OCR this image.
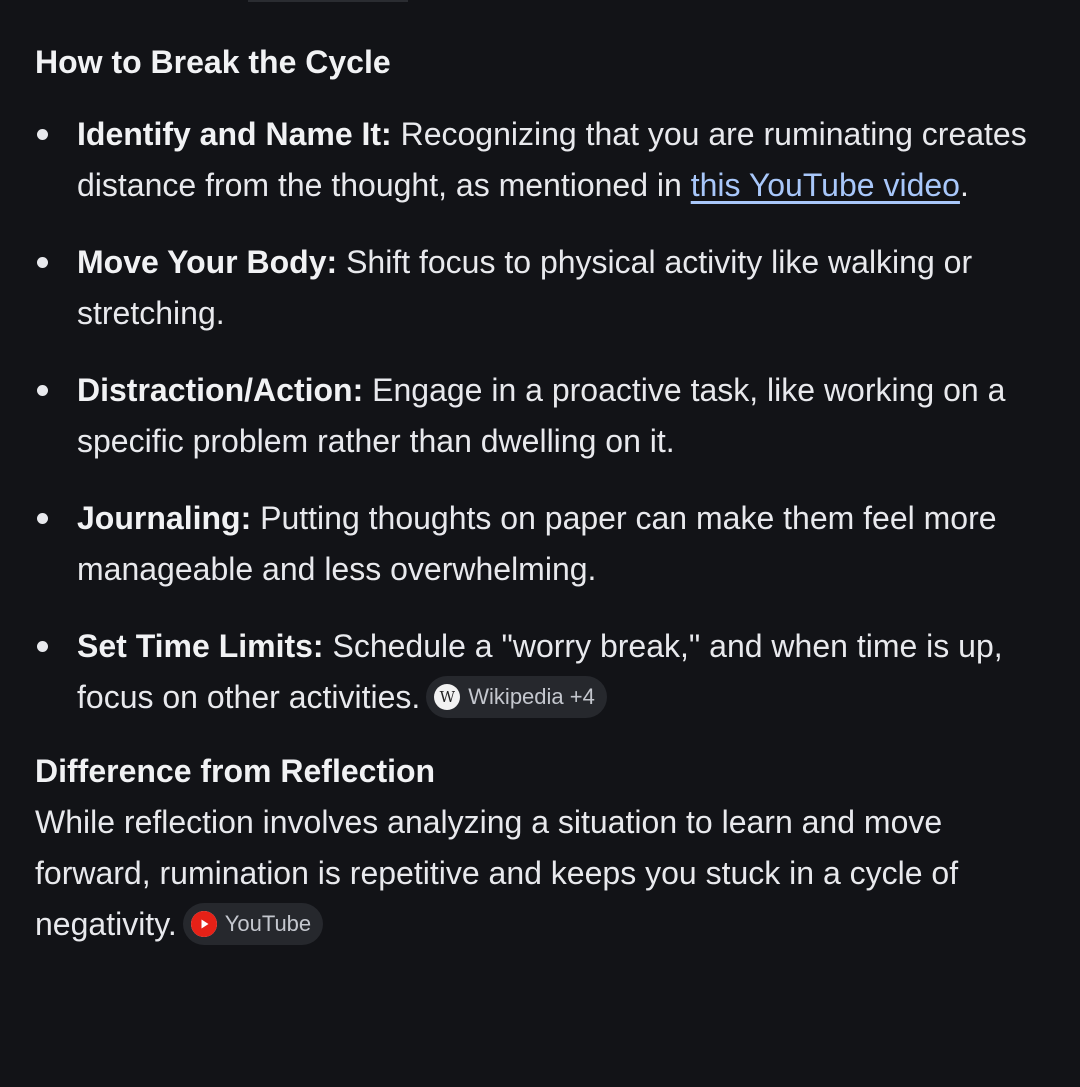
How to Break the Cycle
Identify and Name It: Recognizing that you are ruminating creates distance from the thought, as mentioned in this YouTube video.
Move Your Body: Shift focus to physical activity like walking or stretching.
Distraction/Action: Engage in a proactive task, like working on a specific problem rather than dwelling on it.
Journaling: Putting thoughts on paper can make them feel more manageable and less overwhelming.
Set Time Limits: Schedule a "worry break," and when time is up, focus on other activities.	W Wikipedia +4
Difference from Reflection

While reflection involves analyzing a situation to learn and move forward, rumination is repetitive and keeps you stuck in a cycle of negativity. YouTube
